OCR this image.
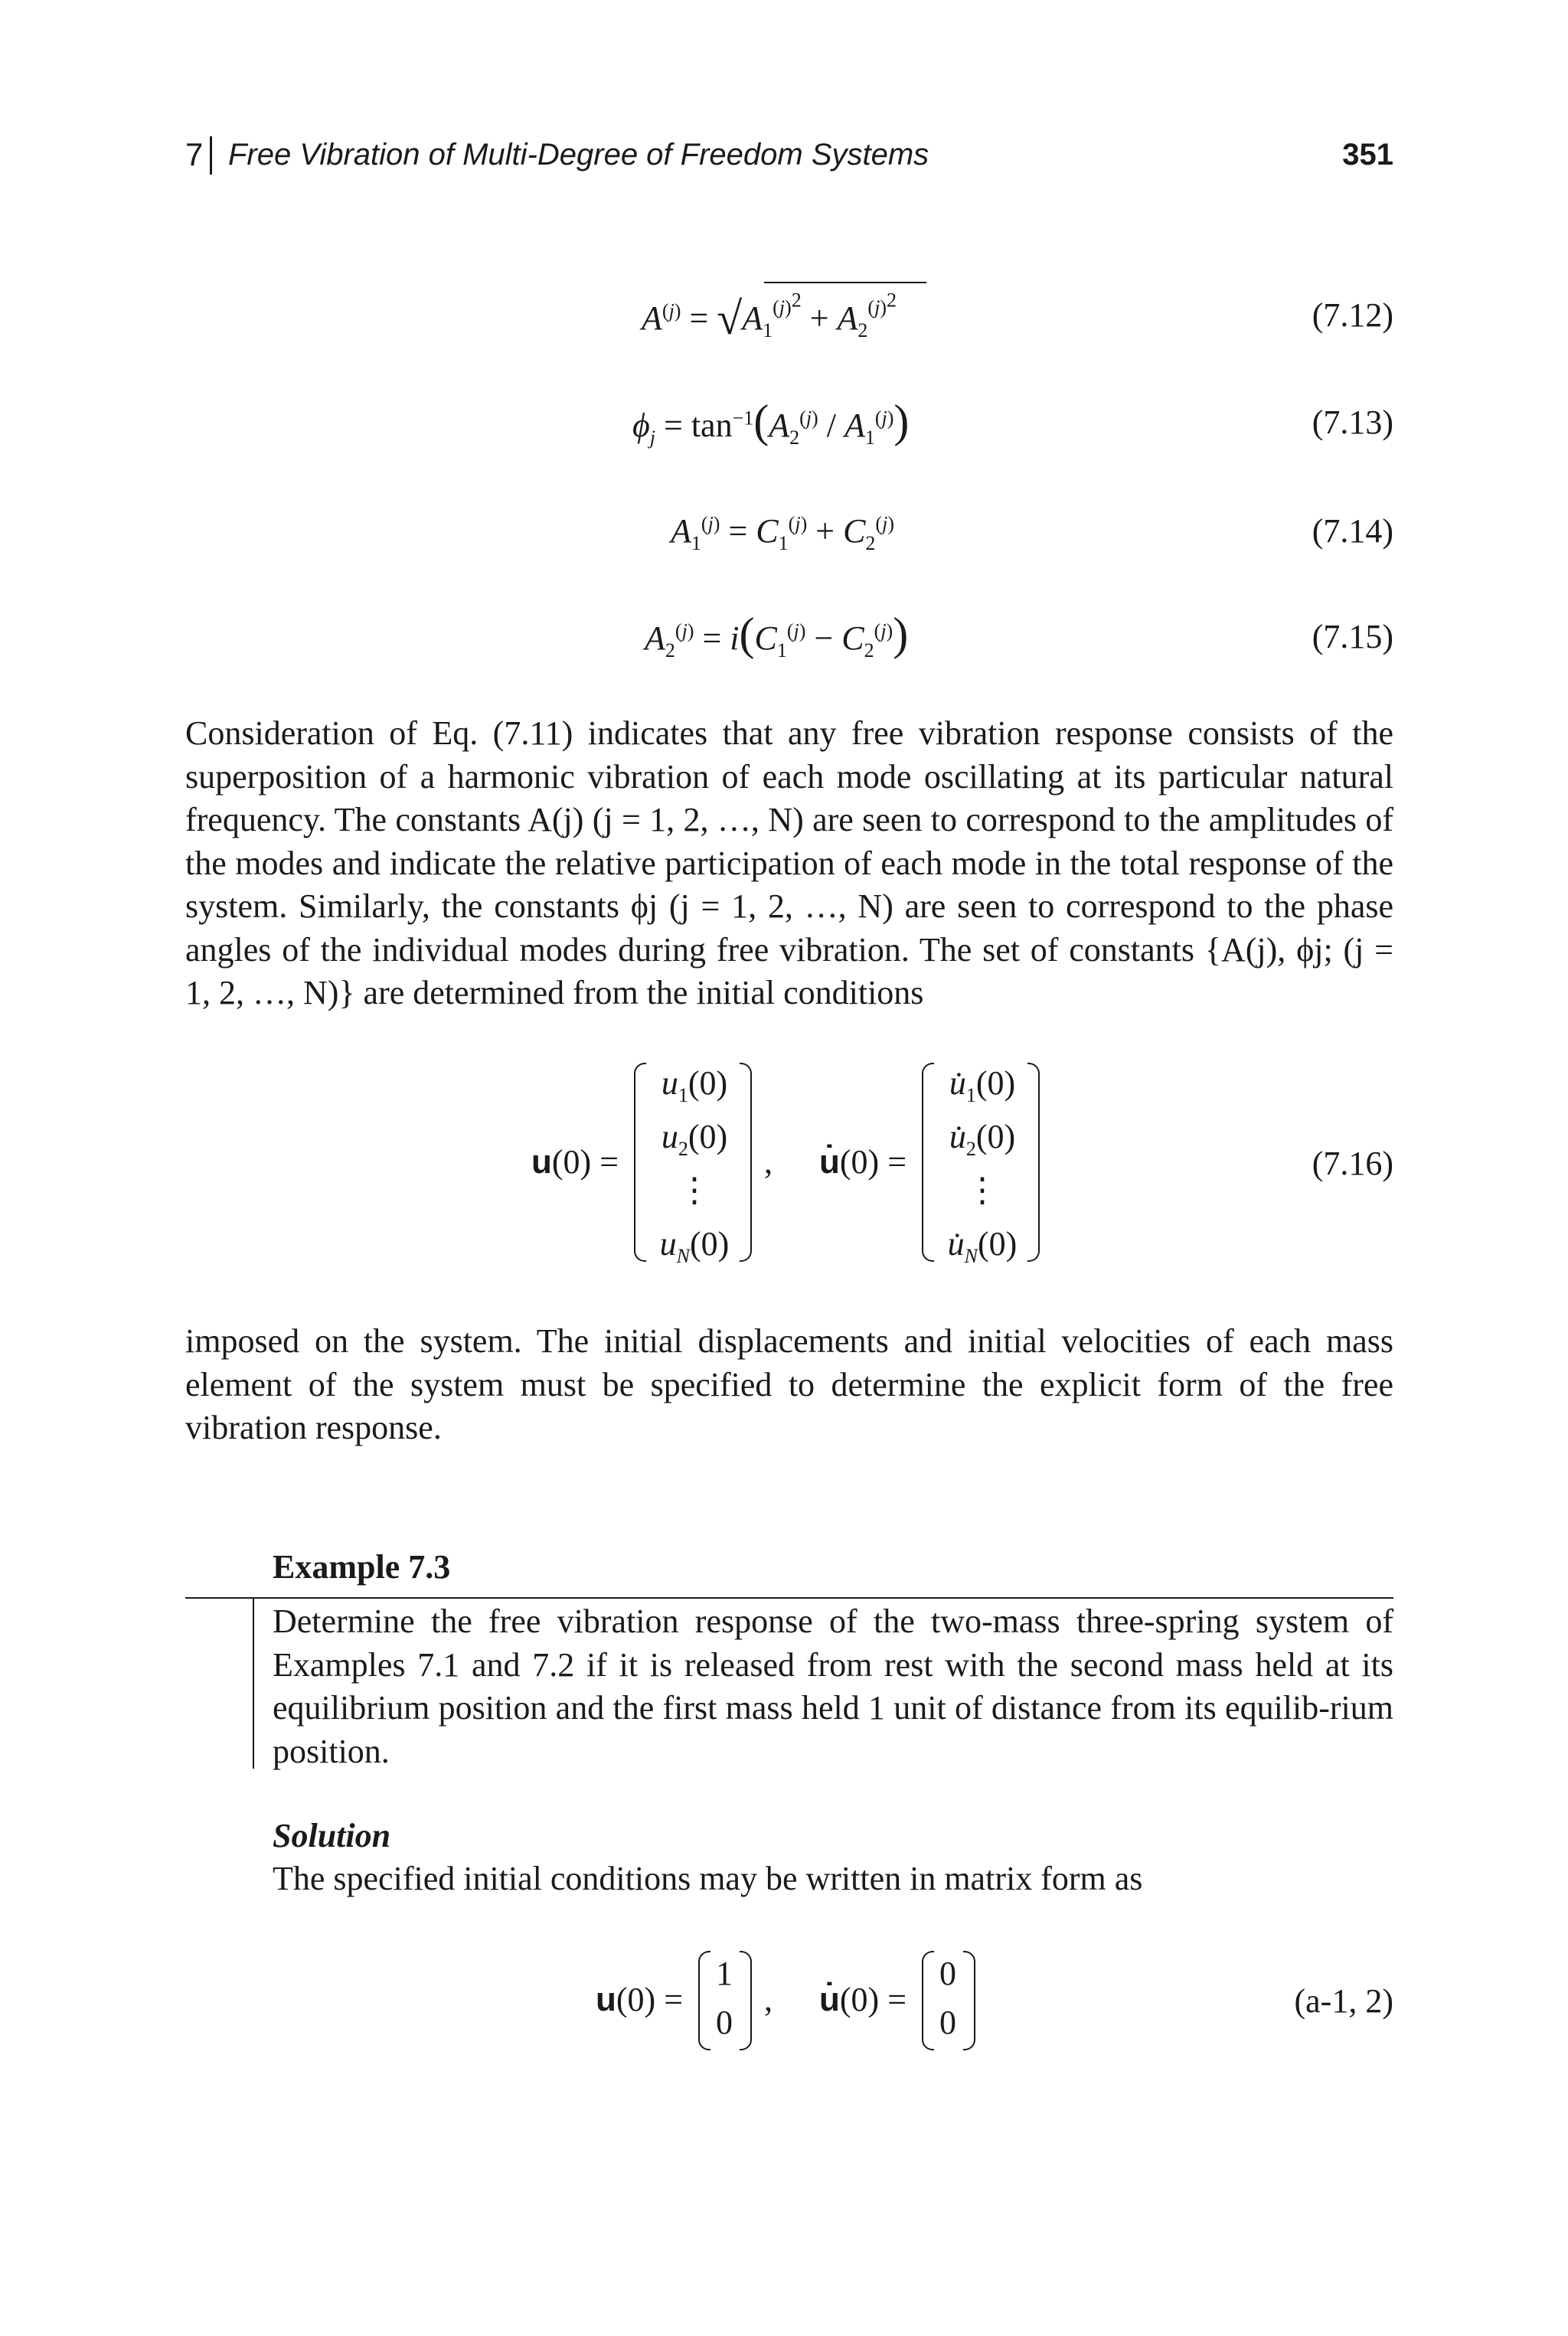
7 Free Vibration of Multi-Degree of Freedom Systems	351
$A^{(j)} = √A_1^{(j)^2} + A_2^{(j)^2}$	(7.12)
$\phi_j = \tan^{-1}(A_2^{(j)} / A_1^{(j)})$	(7.13)
$A_1^{(j)} = C_1^{(j)} + C_2^{(j)}$	(7.14)
$A_2^{(j)} = i(C_1^{(j)} - C_2^{(j)})$	(7.15)

Consideration of Eq. (7.11) indicates that any free vibration response consists of the superposition of a harmonic vibration of each mode oscillating at its particular natural frequency. The constants A(j) (j = 1, 2, …, N) are seen to correspond to the amplitudes of the modes and indicate the relative participation of each mode in the total response of the system. Similarly, the constants ϕj (j = 1, 2, …, N) are seen to correspond to the phase angles of the individual modes during free vibration. The set of constants {A(j), ϕj; (j = 1, 2, …, N)} are determined from the initial conditions

u(0) =
$u_1(0)$
$u_2(0)$
⋮
$u_N(0)$
, u̇(0) =
$u̇_1(0)$
$u̇_2(0)$
⋮
$u̇_N(0)$
(7.16)

imposed on the system. The initial displacements and initial velocities of each mass element of the system must be specified to determine the explicit form of the free vibration response.

Example 7.3
Determine the free vibration response of the two-mass three-spring system of Examples 7.1 and 7.2 if it is released from rest with the second mass held at its equilibrium position and the first mass held 1 unit of distance from its equilib-rium position.
Solution
The specified initial conditions may be written in matrix form as
u(0) =
1
0
, u̇(0) =
0
0
(a-1, 2)
